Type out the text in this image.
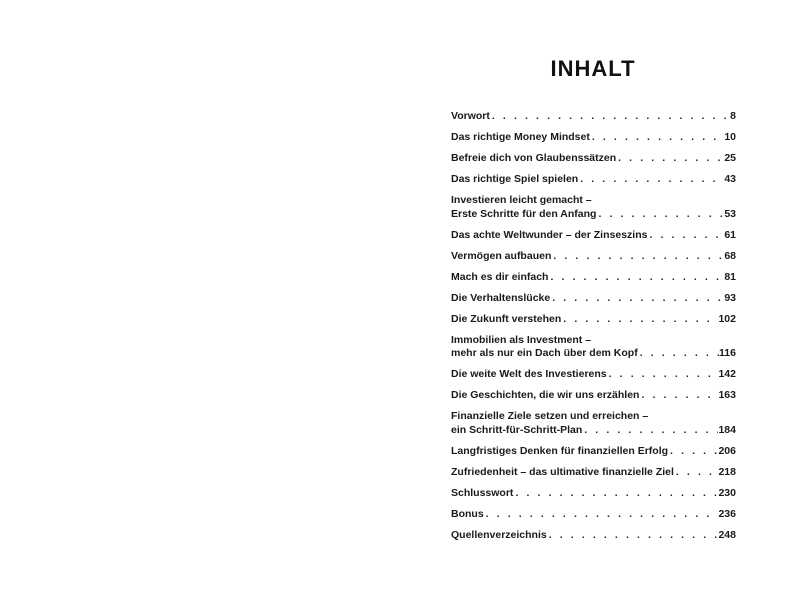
INHALT
Vorwort . . .	8
Das richtige Money Mindset . . .	10
Befreie dich von Glaubenssätzen . . .	25
Das richtige Spiel spielen . . .	43
Investieren leicht gemacht –
Erste Schritte für den Anfang . . .	53
Das achte Weltwunder – der Zinseszins . . .	61
Vermögen aufbauen . . .	68
Mach es dir einfach . . .	81
Die Verhaltenslücke . . .	93
Die Zukunft verstehen . . .	102
Immobilien als Investment –
mehr als nur ein Dach über dem Kopf . . .	116
Die weite Welt des Investierens . . .	142
Die Geschichten, die wir uns erzählen . . .	163
Finanzielle Ziele setzen und erreichen –
ein Schritt-für-Schritt-Plan . . .	184
Langfristiges Denken für finanziellen Erfolg . . .	206
Zufriedenheit – das ultimative finanzielle Ziel . . .	218
Schlusswort . . .	230
Bonus . . .	236
Quellenverzeichnis . . .	248
